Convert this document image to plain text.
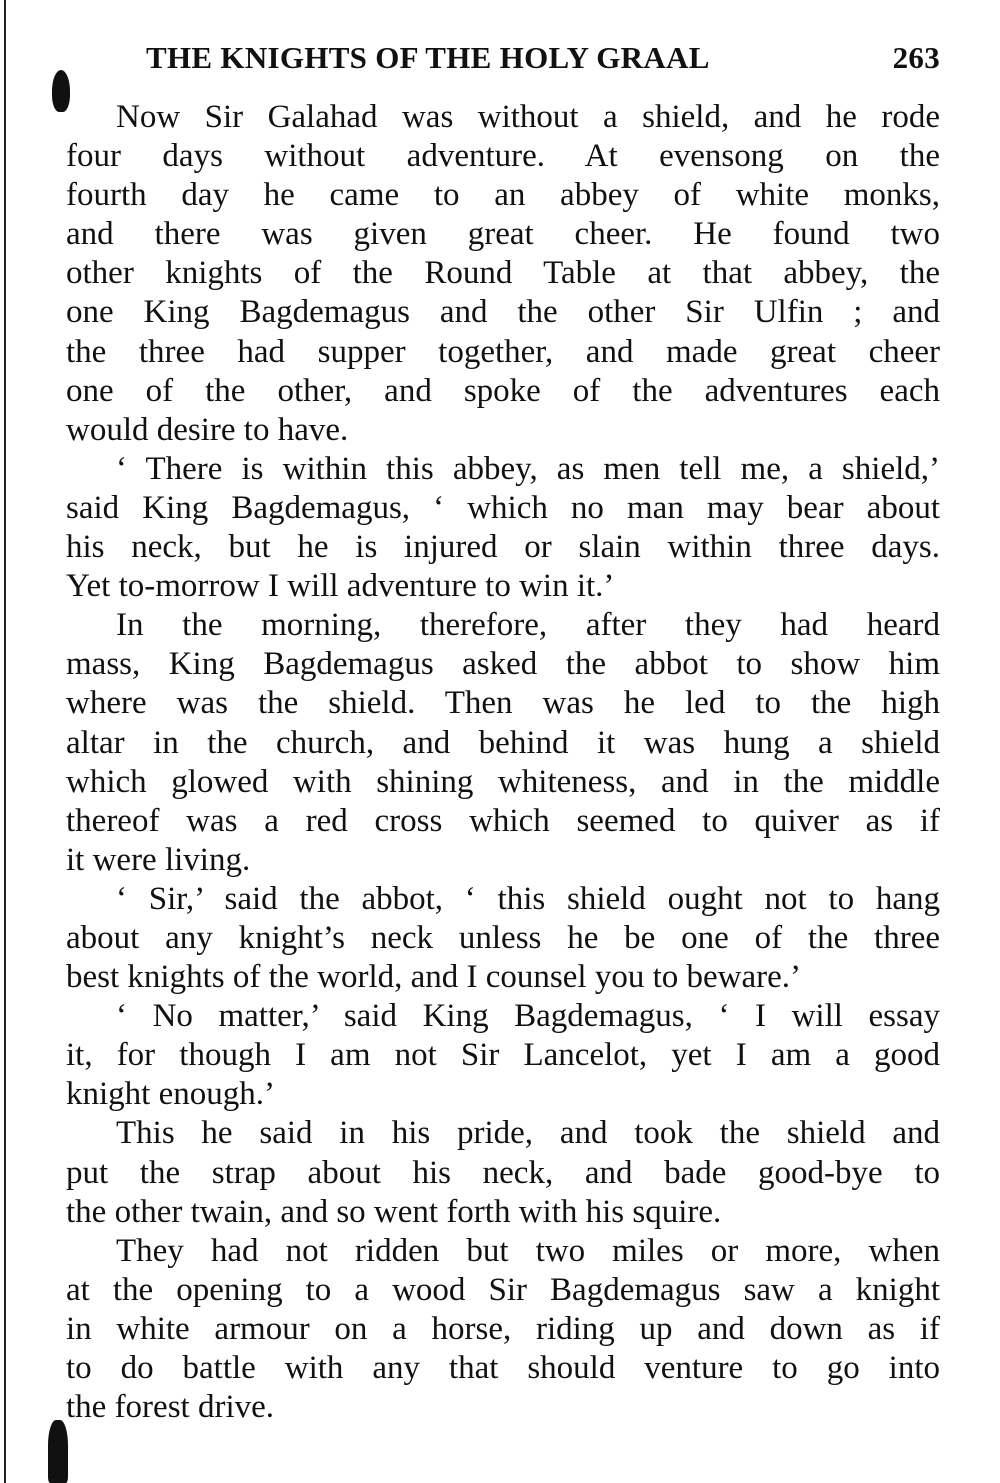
THE KNIGHTS OF THE HOLY GRAAL	263
Now Sir Galahad was without a shield, and he rode
four days without adventure. At evensong on the
fourth day he came to an abbey of white monks,
and there was given great cheer. He found two
other knights of the Round Table at that abbey, the
one King Bagdemagus and the other Sir Ulfin ; and
the three had supper together, and made great cheer
one of the other, and spoke of the adventures each
would desire to have.
‘ There is within this abbey, as men tell me, a shield,’
said King Bagdemagus, ‘ which no man may bear about
his neck, but he is injured or slain within three days.
Yet to-morrow I will adventure to win it.’
In the morning, therefore, after they had heard
mass, King Bagdemagus asked the abbot to show him
where was the shield. Then was he led to the high
altar in the church, and behind it was hung a shield
which glowed with shining whiteness, and in the middle
thereof was a red cross which seemed to quiver as if
it were living.
‘ Sir,’ said the abbot, ‘ this shield ought not to hang
about any knight’s neck unless he be one of the three
best knights of the world, and I counsel you to beware.’
‘ No matter,’ said King Bagdemagus, ‘ I will essay
it, for though I am not Sir Lancelot, yet I am a good
knight enough.’
This he said in his pride, and took the shield and
put the strap about his neck, and bade good-bye to
the other twain, and so went forth with his squire.
They had not ridden but two miles or more, when
at the opening to a wood Sir Bagdemagus saw a knight
in white armour on a horse, riding up and down as if
to do battle with any that should venture to go into
the forest drive.
